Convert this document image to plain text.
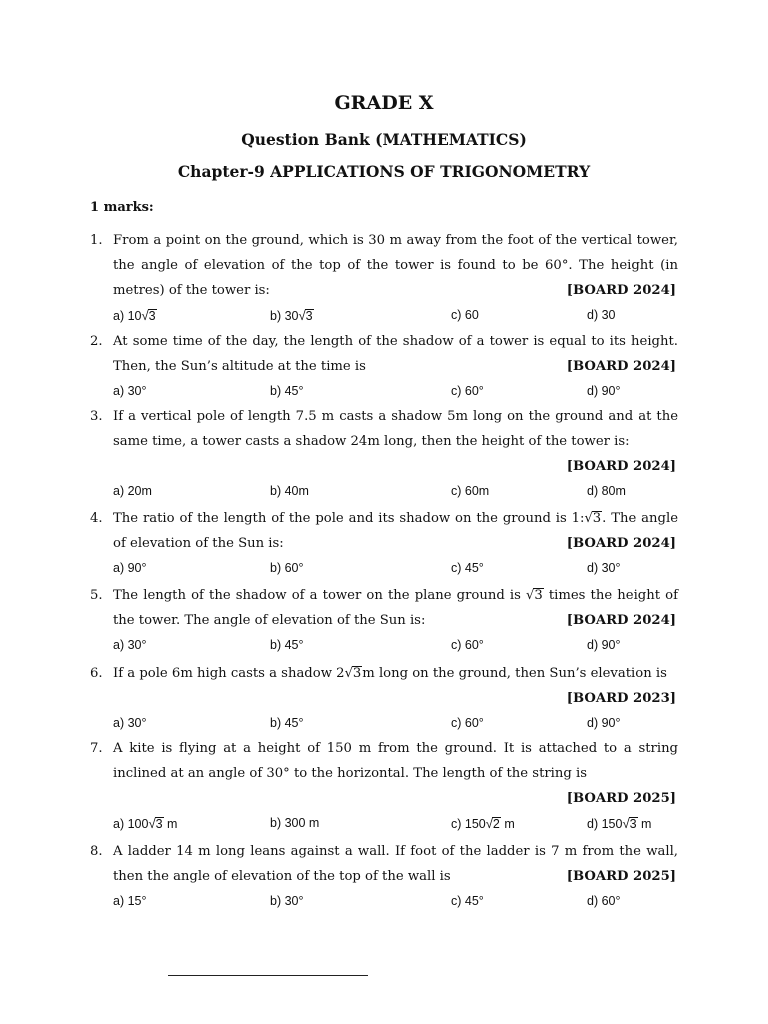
GRADE X
Question Bank (MATHEMATICS)
Chapter-9 APPLICATIONS OF TRIGONOMETRY
1 marks:
1. From a point on the ground, which is 30 m away from the foot of the vertical tower,
the angle of elevation of the top of the tower is found to be 60°. The height (in
metres) of the tower is:	[BOARD 2024]
a) 10√3	b) 30√3	c) 60	d) 30
2. At some time of the day, the length of the shadow of a tower is equal to its height.
Then, the Sun’s altitude at the time is	[BOARD 2024]
a) 30°	b) 45°	c) 60°	d) 90°
3. If a vertical pole of length 7.5 m casts a shadow 5m long on the ground and at the
same time, a tower casts a shadow 24m long, then the height of the tower is:
[BOARD 2024]
a) 20m	b) 40m	c) 60m	d) 80m
4. The ratio of the length of the pole and its shadow on the ground is 1:√3. The angle
of elevation of the Sun is:	[BOARD 2024]
a) 90°	b) 60°	c) 45°	d) 30°
5. The length of the shadow of a tower on the plane ground is √3 times the height of
the tower. The angle of elevation of the Sun is:	[BOARD 2024]
a) 30°	b) 45°	c) 60°	d) 90°
6. If a pole 6m high casts a shadow 2√3m long on the ground, then Sun’s elevation is
[BOARD 2023]
a) 30°	b) 45°	c) 60°	d) 90°
7. A kite is flying at a height of 150 m from the ground. It is attached to a string
inclined at an angle of 30° to the horizontal. The length of the string is
[BOARD 2025]
a) 100√3 m	b) 300 m	c) 150√2 m	d) 150√3 m
8. A ladder 14 m long leans against a wall. If foot of the ladder is 7 m from the wall,
then the angle of elevation of the top of the wall is	[BOARD 2025]
a) 15°	b) 30°	c) 45°	d) 60°
